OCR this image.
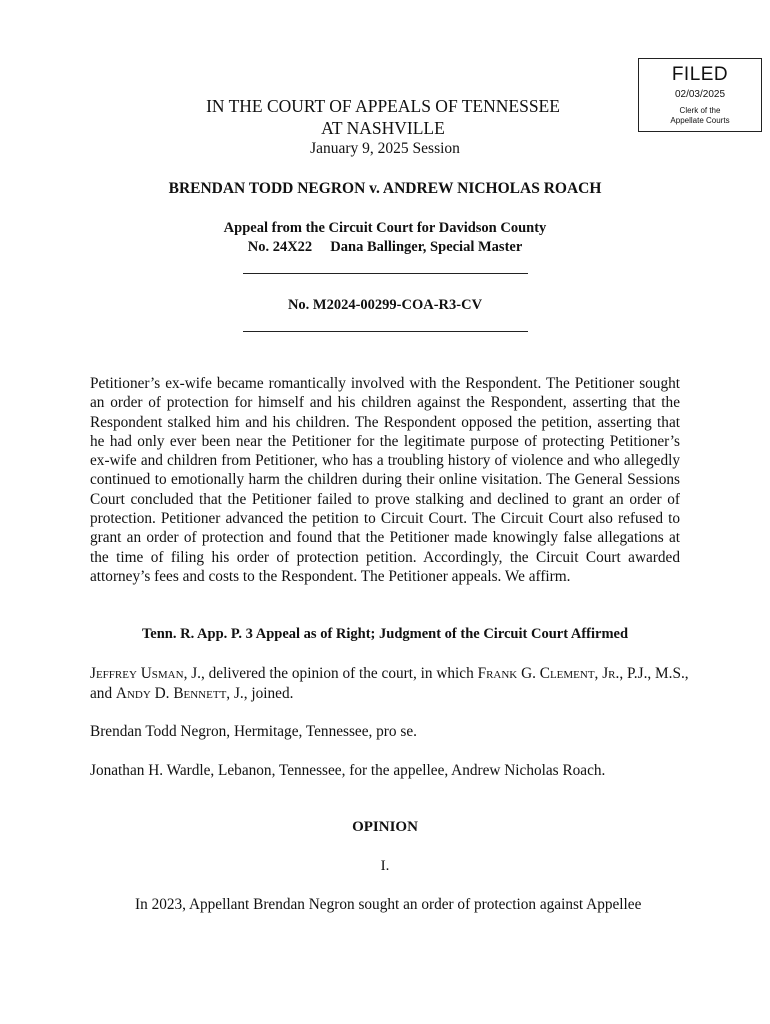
FILED
02/03/2025
Clerk of the
Appellate Courts
IN THE COURT OF APPEALS OF TENNESSEE
AT NASHVILLE
January 9, 2025 Session
BRENDAN TODD NEGRON v. ANDREW NICHOLAS ROACH
Appeal from the Circuit Court for Davidson County
No. 24X22     Dana Ballinger, Special Master
No. M2024-00299-COA-R3-CV

Petitioner’s ex-wife became romantically involved with the Respondent. The Petitioner sought an order of protection for himself and his children against the Respondent, asserting that the Respondent stalked him and his children. The Respondent opposed the petition, asserting that he had only ever been near the Petitioner for the legitimate purpose of protecting Petitioner’s ex-wife and children from Petitioner, who has a troubling history of violence and who allegedly continued to emotionally harm the children during their online visitation. The General Sessions Court concluded that the Petitioner failed to prove stalking and declined to grant an order of protection. Petitioner advanced the petition to Circuit Court. The Circuit Court also refused to grant an order of protection and found that the Petitioner made knowingly false allegations at the time of filing his order of protection petition. Accordingly, the Circuit Court awarded attorney’s fees and costs to the Respondent. The Petitioner appeals. We affirm.

Tenn. R. App. P. 3 Appeal as of Right; Judgment of the Circuit Court Affirmed

Jeffrey Usman, J., delivered the opinion of the court, in which Frank G. Clement, Jr., P.J., M.S., and Andy D. Bennett, J., joined.

Brendan Todd Negron, Hermitage, Tennessee, pro se.

Jonathan H. Wardle, Lebanon, Tennessee, for the appellee, Andrew Nicholas Roach.

OPINION
I.

In 2023, Appellant Brendan Negron sought an order of protection against Appellee
